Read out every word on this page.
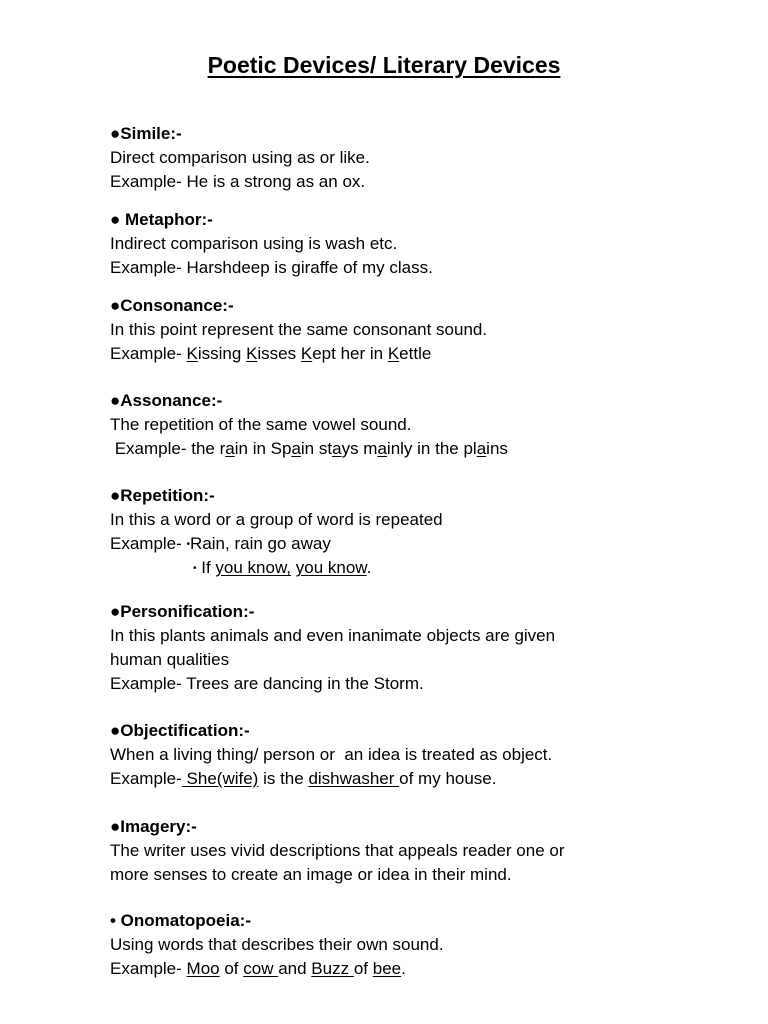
Poetic Devices/ Literary Devices

●Simile:-

Direct comparison using as or like.

Example- He is a strong as an ox.

● Metaphor:-

Indirect comparison using is wash etc.

Example- Harshdeep is giraffe of my class.

●Consonance:-

In this point represent the same consonant sound.

Example- Kissing Kisses Kept her in Kettle

●Assonance:-

The repetition of the same vowel sound.

Example- the rain in Spain stays mainly in the plains

●Repetition:-

In this a word or a group of word is repeated

Example- •Rain, rain go away

• If you know, you know.

●Personification:-

In this plants animals and even inanimate objects are given

human qualities

Example- Trees are dancing in the Storm.

●Objectification:-

When a living thing/ person or  an idea is treated as object.

Example- She(wife) is the dishwasher of my house.

●Imagery:-

The writer uses vivid descriptions that appeals reader one or

more senses to create an image or idea in their mind.

• Onomatopoeia:-

Using words that describes their own sound.

Example- Moo of cow and Buzz of bee.
